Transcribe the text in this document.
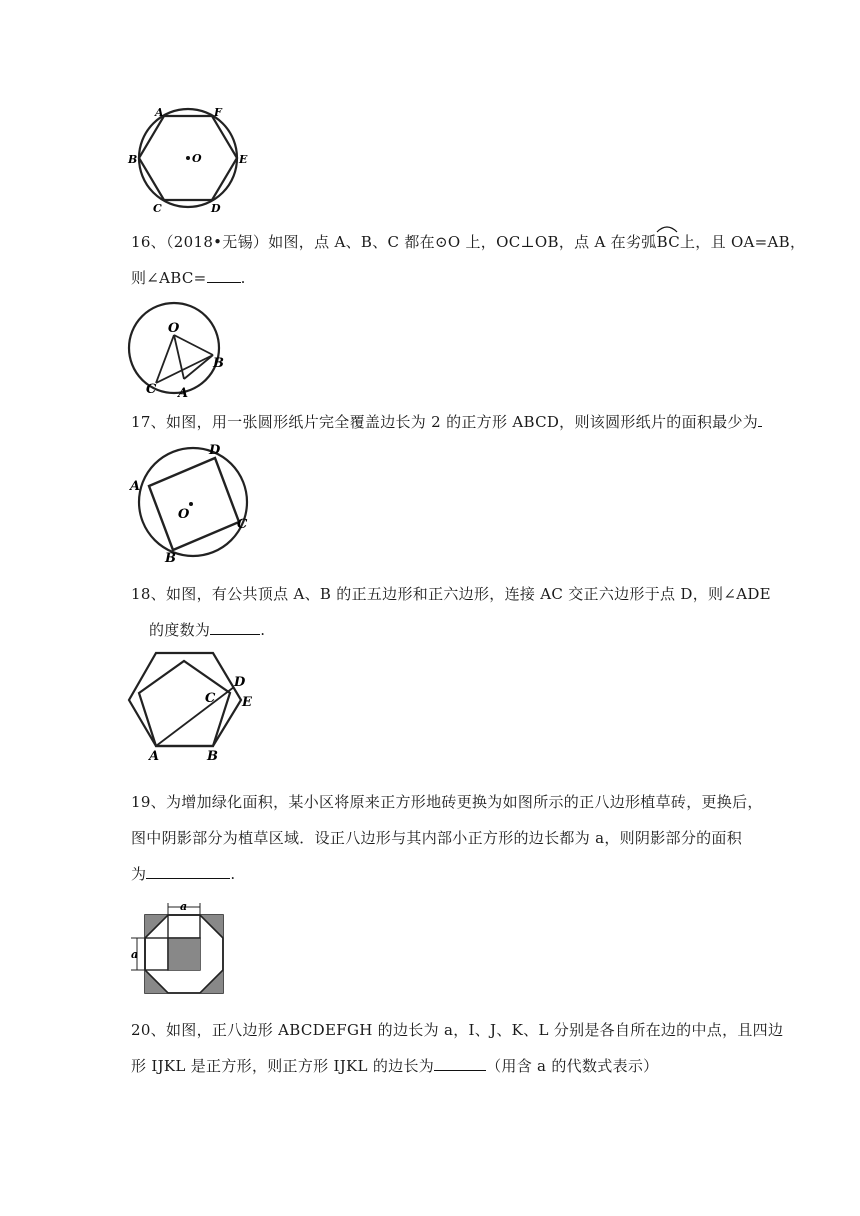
A	F
B	E
C	D
O
16、（2018•无锡）如图，点 A、B、C 都在⊙O 上，OC⊥OB，点 A 在劣弧
BC上，且 OA=AB，
则∠ABC= .
O
B
C A
17、如图，用一张圆形纸片完全覆盖边长为 2 的正方形 ABCD，则该圆形纸片的面积最少为
D
A
O
C
B
18、如图，有公共顶点 A、B 的正五边形和正六边形，连接 AC 交正六边形于点 D，则∠ADE
的度数为	.
D
C E
A	B
19、为增加绿化面积，某小区将原来正方形地砖更换为如图所示的正八边形植草砖，更换后，
图中阴影部分为植草区域．设正八边形与其内部小正方形的边长都为 a，则阴影部分的面积
为	.
a
a
20、如图，正八边形 ABCDEFGH 的边长为 a，I、J、K、L 分别是各自所在边的中点，且四边
形 IJKL 是正方形，则正方形 IJKL 的边长为	（用含 a 的代数式表示）
